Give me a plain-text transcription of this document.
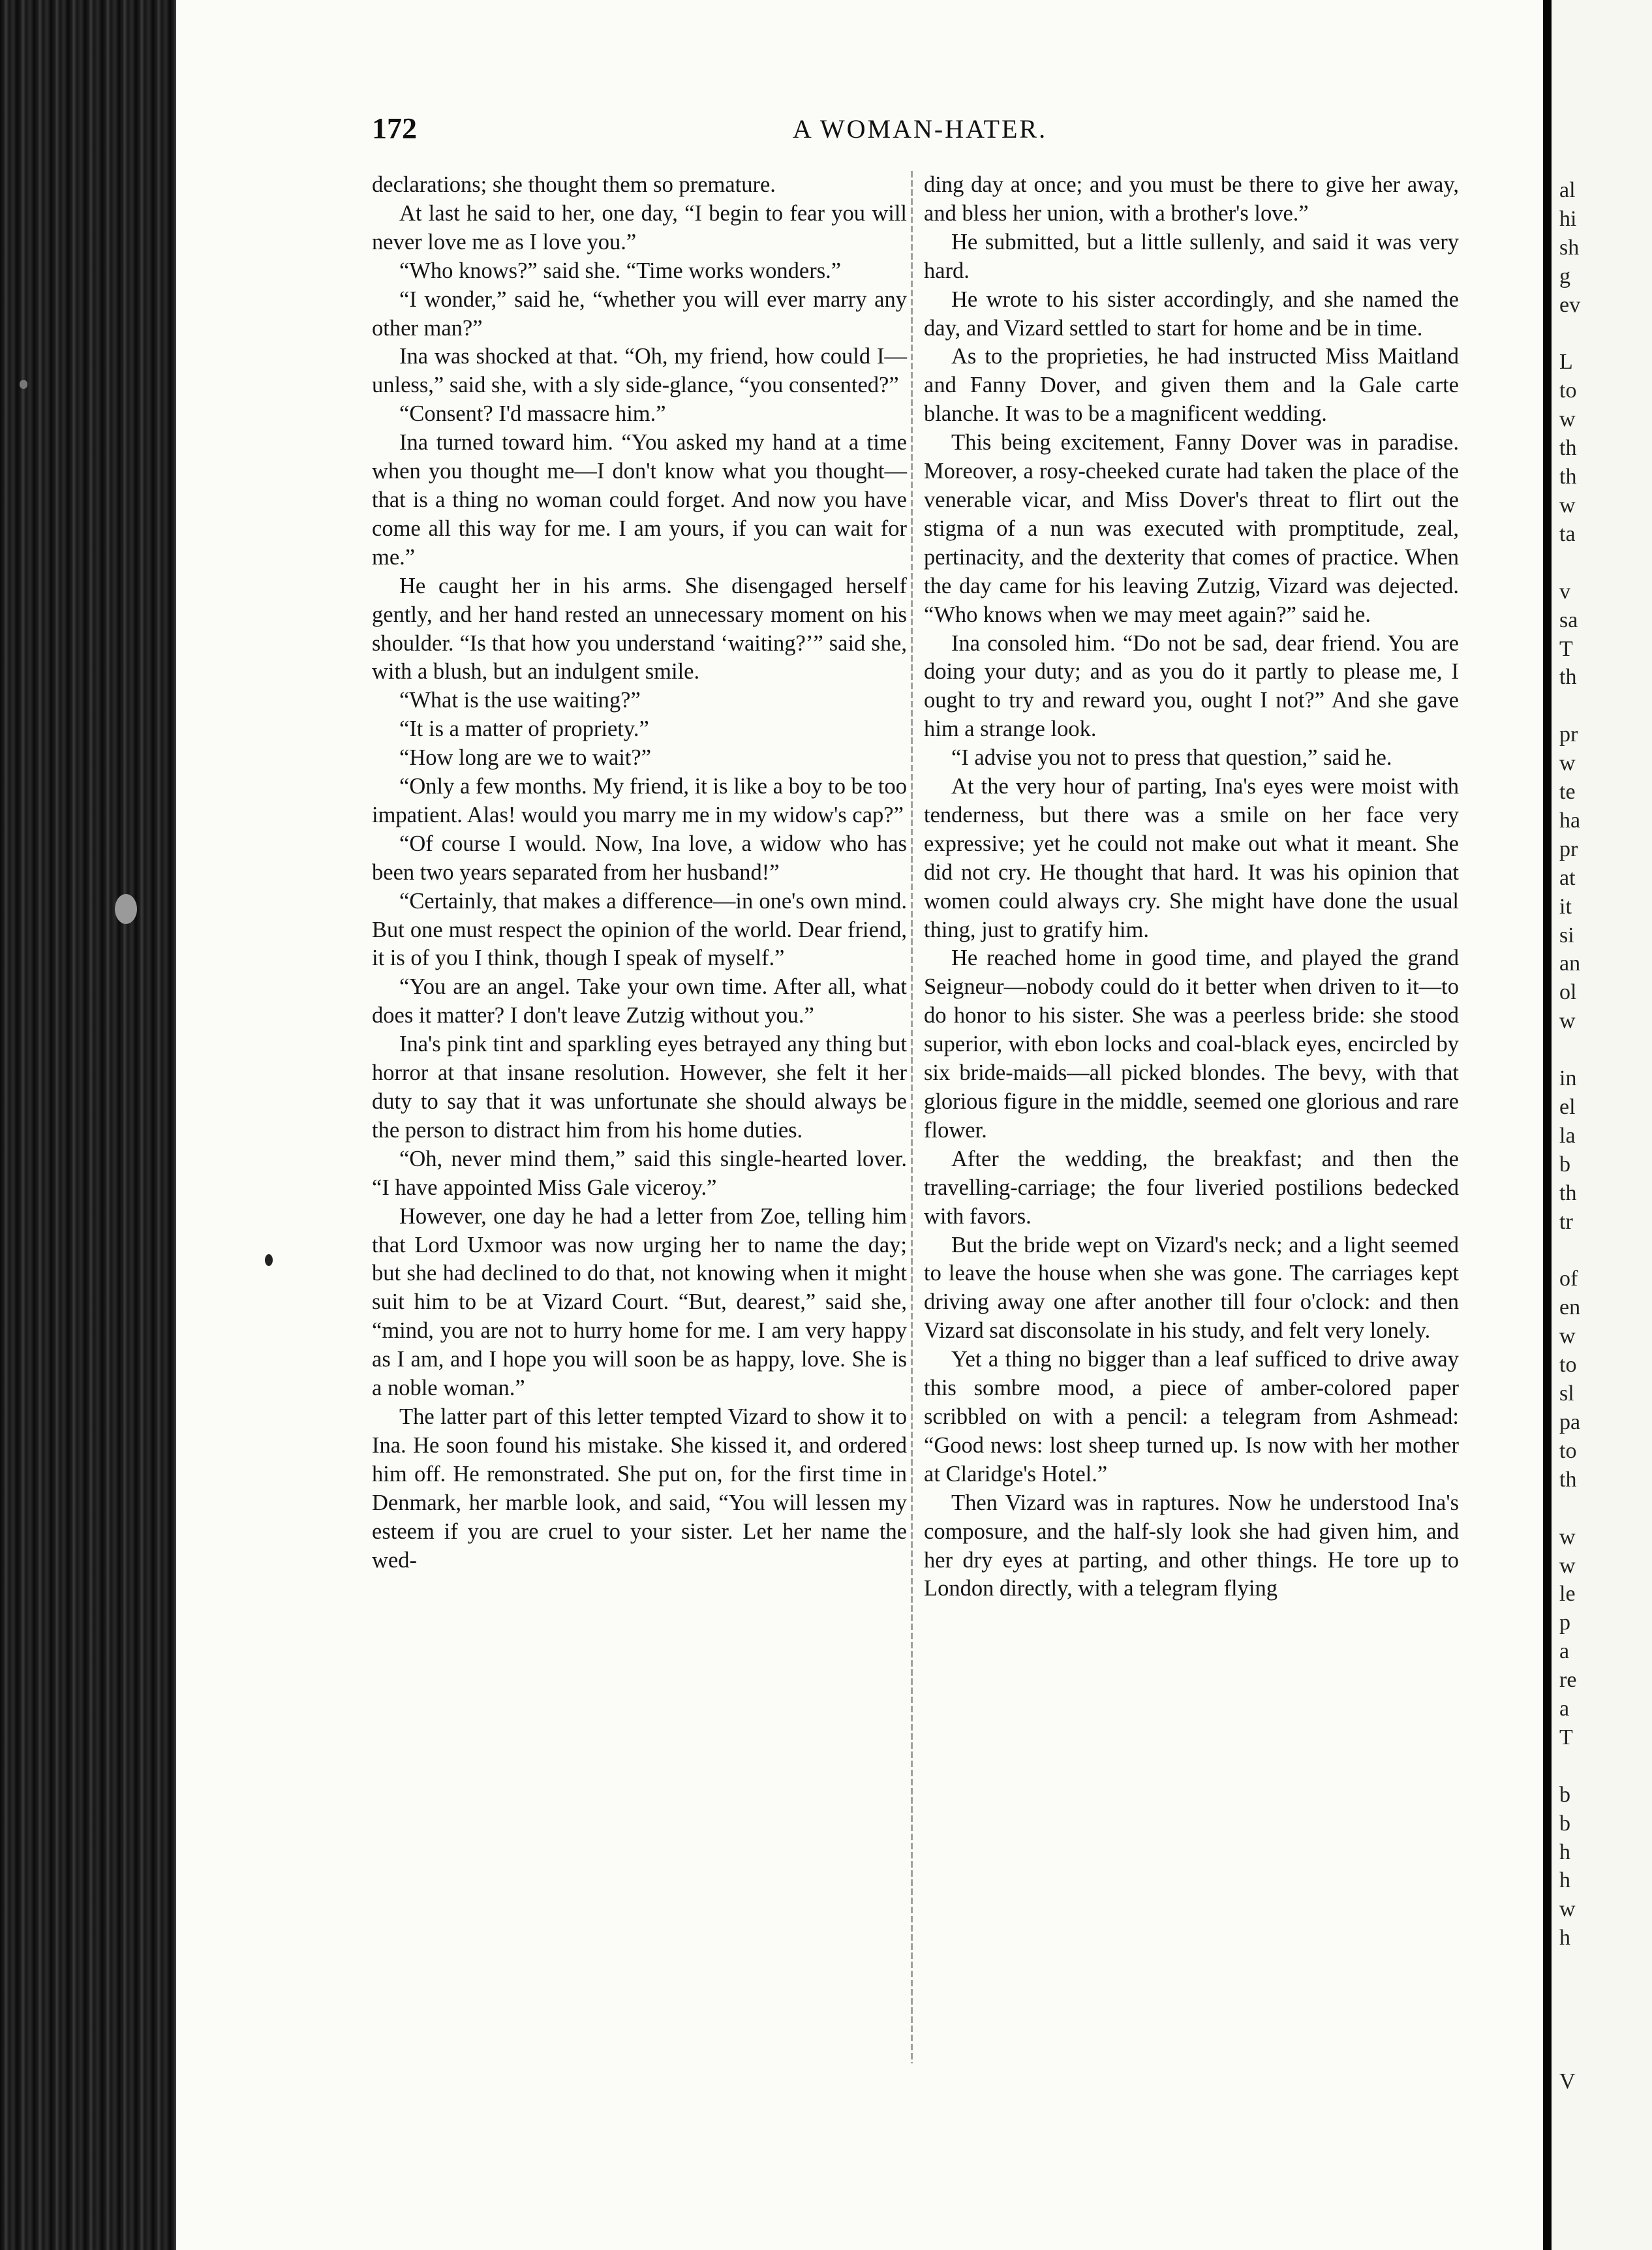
al
hi
sh
g
ev

L
to
w
th
th
w
ta

v
sa
T
th

pr
w
te
ha
pr
at
it
si
an
ol
w

in
el
la
b
th
tr

of
en
w
to
sl
pa
to
th

w
w
le
p
a
re
a
T

b
b
h
h
w
h

V
172	A WOMAN-HATER.

declarations; she thought them so premature.

At last he said to her, one day, “I begin to fear you will never love me as I love you.”

“Who knows?” said she. “Time works wonders.”

“I wonder,” said he, “whether you will ever marry any other man?”

Ina was shocked at that. “Oh, my friend, how could I—unless,” said she, with a sly side-glance, “you consented?”

“Consent? I'd massacre him.”

Ina turned toward him. “You asked my hand at a time when you thought me—I don't know what you thought—that is a thing no woman could forget. And now you have come all this way for me. I am yours, if you can wait for me.”

He caught her in his arms. She disengaged herself gently, and her hand rested an unnecessary moment on his shoulder. “Is that how you understand ‘waiting?’” said she, with a blush, but an indulgent smile.

“What is the use waiting?”

“It is a matter of propriety.”

“How long are we to wait?”

“Only a few months. My friend, it is like a boy to be too impatient. Alas! would you marry me in my widow's cap?”

“Of course I would. Now, Ina love, a widow who has been two years separated from her husband!”

“Certainly, that makes a difference—in one's own mind. But one must respect the opinion of the world. Dear friend, it is of you I think, though I speak of myself.”

“You are an angel. Take your own time. After all, what does it matter? I don't leave Zutzig without you.”

Ina's pink tint and sparkling eyes betrayed any thing but horror at that insane resolution. However, she felt it her duty to say that it was unfortunate she should always be the person to distract him from his home duties.

“Oh, never mind them,” said this single-hearted lover. “I have appointed Miss Gale viceroy.”

However, one day he had a letter from Zoe, telling him that Lord Uxmoor was now urging her to name the day; but she had declined to do that, not knowing when it might suit him to be at Vizard Court. “But, dearest,” said she, “mind, you are not to hurry home for me. I am very happy as I am, and I hope you will soon be as happy, love. She is a noble woman.”

The latter part of this letter tempted Vizard to show it to Ina. He soon found his mistake. She kissed it, and ordered him off. He remonstrated. She put on, for the first time in Denmark, her marble look, and said, “You will lessen my esteem if you are cruel to your sister. Let her name the wed-

ding day at once; and you must be there to give her away, and bless her union, with a brother's love.”

He submitted, but a little sullenly, and said it was very hard.

He wrote to his sister accordingly, and she named the day, and Vizard settled to start for home and be in time.

As to the proprieties, he had instructed Miss Maitland and Fanny Dover, and given them and la Gale carte blanche. It was to be a magnificent wedding.

This being excitement, Fanny Dover was in paradise. Moreover, a rosy-cheeked curate had taken the place of the venerable vicar, and Miss Dover's threat to flirt out the stigma of a nun was executed with promptitude, zeal, pertinacity, and the dexterity that comes of practice. When the day came for his leaving Zutzig, Vizard was dejected. “Who knows when we may meet again?” said he.

Ina consoled him. “Do not be sad, dear friend. You are doing your duty; and as you do it partly to please me, I ought to try and reward you, ought I not?” And she gave him a strange look.

“I advise you not to press that question,” said he.

At the very hour of parting, Ina's eyes were moist with tenderness, but there was a smile on her face very expressive; yet he could not make out what it meant. She did not cry. He thought that hard. It was his opinion that women could always cry. She might have done the usual thing, just to gratify him.

He reached home in good time, and played the grand Seigneur—nobody could do it better when driven to it—to do honor to his sister. She was a peerless bride: she stood superior, with ebon locks and coal-black eyes, encircled by six bride-maids—all picked blondes. The bevy, with that glorious figure in the middle, seemed one glorious and rare flower.

After the wedding, the breakfast; and then the travelling-carriage; the four liveried postilions bedecked with favors.

But the bride wept on Vizard's neck; and a light seemed to leave the house when she was gone. The carriages kept driving away one after another till four o'clock: and then Vizard sat disconsolate in his study, and felt very lonely.

Yet a thing no bigger than a leaf sufficed to drive away this sombre mood, a piece of amber-colored paper scribbled on with a pencil: a telegram from Ashmead: “Good news: lost sheep turned up. Is now with her mother at Claridge's Hotel.”

Then Vizard was in raptures. Now he understood Ina's composure, and the half-sly look she had given him, and her dry eyes at parting, and other things. He tore up to London directly, with a telegram flying
